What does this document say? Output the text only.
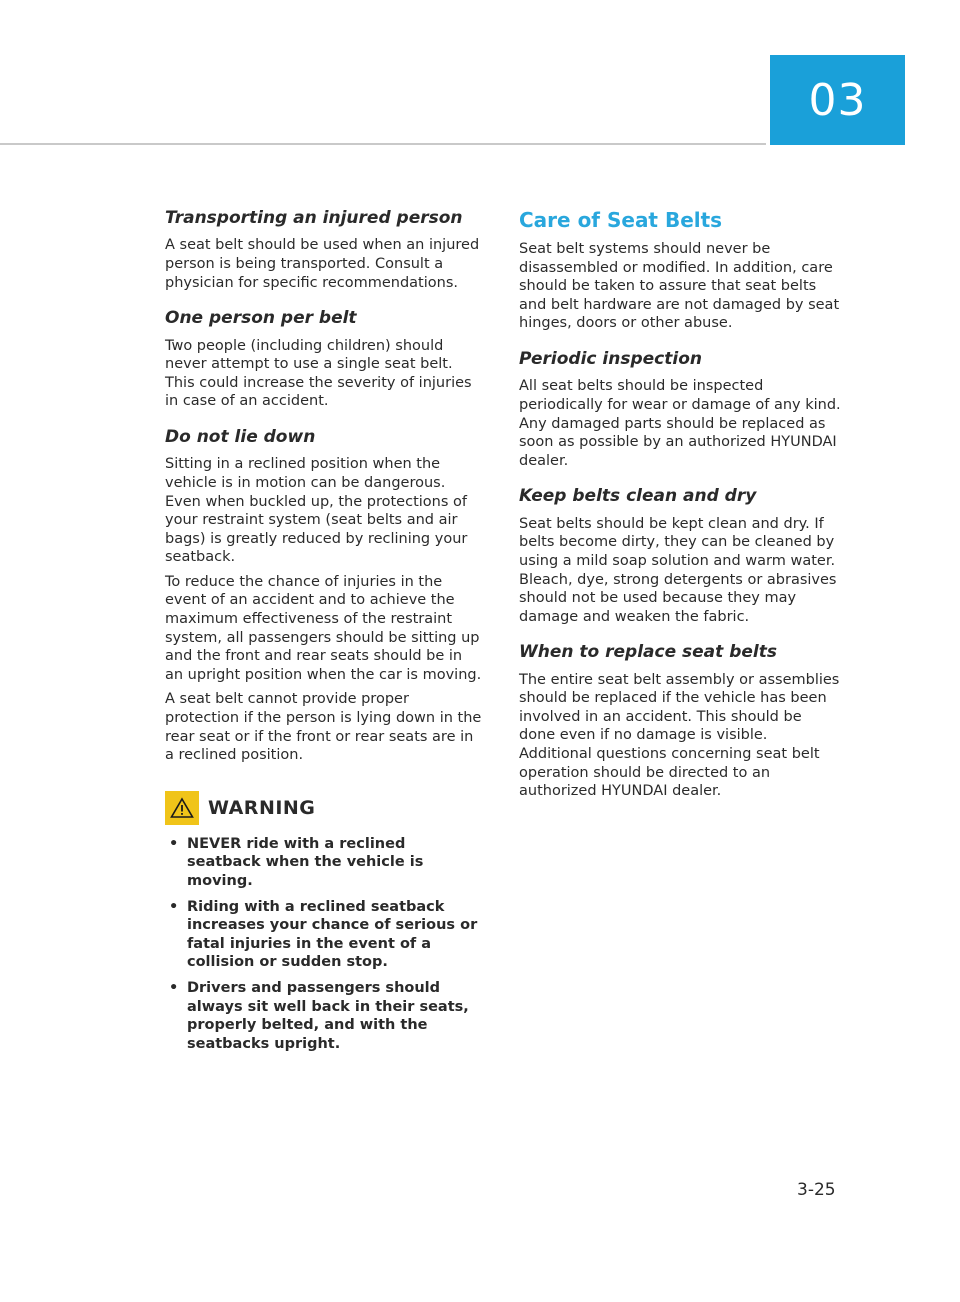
03
Transporting an injured person

A seat belt should be used when an injured person is being transported. Consult a physician for specific recommendations.

One person per belt

Two people (including children) should never attempt to use a single seat belt. This could increase the severity of injuries in case of an accident.

Do not lie down

Sitting in a reclined position when the vehicle is in motion can be dangerous. Even when buckled up, the protections of your restraint system (seat belts and air bags) is greatly reduced by reclining your seatback.

To reduce the chance of injuries in the event of an accident and to achieve the maximum effectiveness of the restraint system, all passengers should be sitting up and the front and rear seats should be in an upright position when the car is moving.

A seat belt cannot provide proper protection if the person is lying down in the rear seat or if the front or rear seats are in a reclined position.

WARNING
• NEVER ride with a reclined seatback when the vehicle is moving.
• Riding with a reclined seatback increases your chance of serious or fatal injuries in the event of a collision or sudden stop.
• Drivers and passengers should always sit well back in their seats, properly belted, and with the seatbacks upright.
Care of Seat Belts

Seat belt systems should never be disassembled or modified. In addition, care should be taken to assure that seat belts and belt hardware are not damaged by seat hinges, doors or other abuse.

Periodic inspection

All seat belts should be inspected periodically for wear or damage of any kind. Any damaged parts should be replaced as soon as possible by an authorized HYUNDAI dealer.

Keep belts clean and dry

Seat belts should be kept clean and dry. If belts become dirty, they can be cleaned by using a mild soap solution and warm water. Bleach, dye, strong detergents or abrasives should not be used because they may damage and weaken the fabric.

When to replace seat belts

The entire seat belt assembly or assemblies should be replaced if the vehicle has been involved in an accident. This should be done even if no damage is visible. Additional questions concerning seat belt operation should be directed to an authorized HYUNDAI dealer.

3-25
